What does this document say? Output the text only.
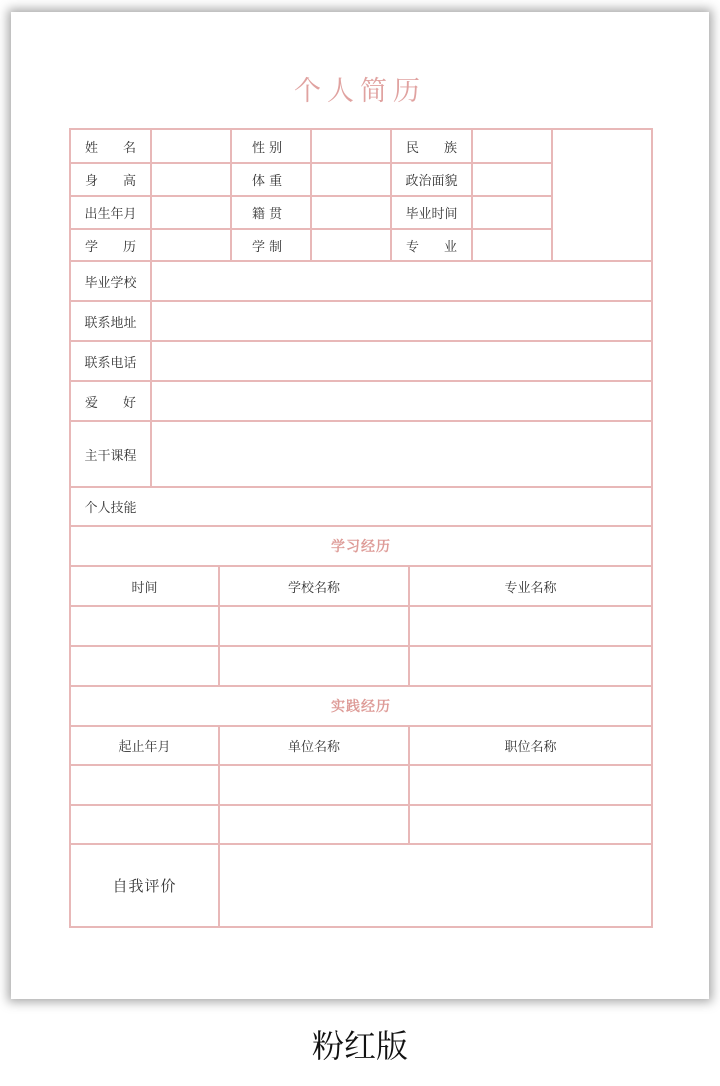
个人简历
姓 名	性 别	民 族
身 高	体 重	政治面貌
出生年月	籍 贯	毕业时间
学 历	学 制	专 业
毕业学校
联系地址
联系电话
爱 好
主干课程
个人技能
学习经历
时间	学校名称	专业名称
实践经历
起止年月	单位名称	职位名称
自我评价
粉红版
